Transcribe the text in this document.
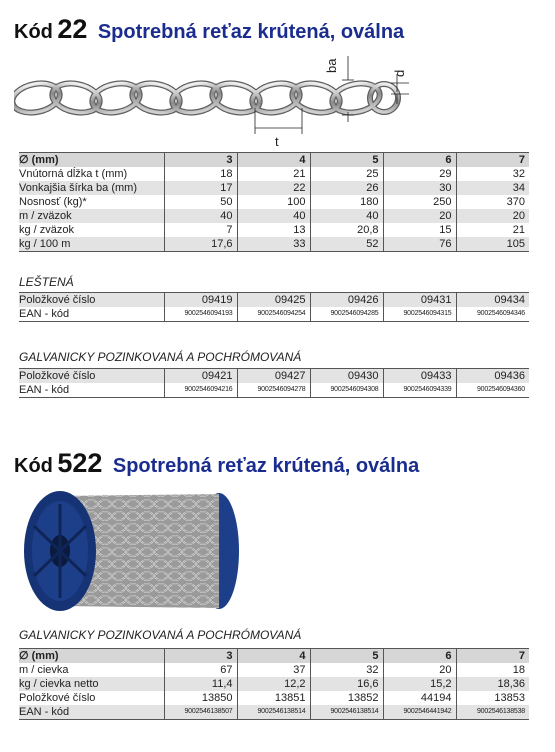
Kód 22 Spotrebná reťaz krútená, oválna
ba
d
t
∅ (mm)	3	4	5	6	7
Vnútorná dĺžka t (mm)	18	21	25	29	32
Vonkajšia šírka ba (mm)	17	22	26	30	34
Nosnosť (kg)*	50	100	180	250	370
m / zväzok	40	40	40	20	20
kg / zväzok	7	13	20,8	15	21
kg / 100 m	17,6	33	52	76	105
LEŠTENÁ
Položkové číslo	09419	09425	09426	09431	09434
EAN - kód	9002546094193	9002546094254	9002546094285	9002546094315	9002546094346
GALVANICKY POZINKOVANÁ A POCHRÓMOVANÁ
Položkové číslo	09421	09427	09430	09433	09436
EAN - kód	9002546094216	9002546094278	9002546094308	9002546094339	9002546094360
Kód 522 Spotrebná reťaz krútená, oválna
GALVANICKY POZINKOVANÁ A POCHRÓMOVANÁ
∅ (mm)	3	4	5	6	7
m / cievka	67	37	32	20	18
kg / cievka netto	11,4	12,2	16,6	15,2	18,36
Položkové číslo	13850	13851	13852	44194	13853
EAN - kód	9002546138507	9002546138514	9002546138514	9002546441942	9002546138538
